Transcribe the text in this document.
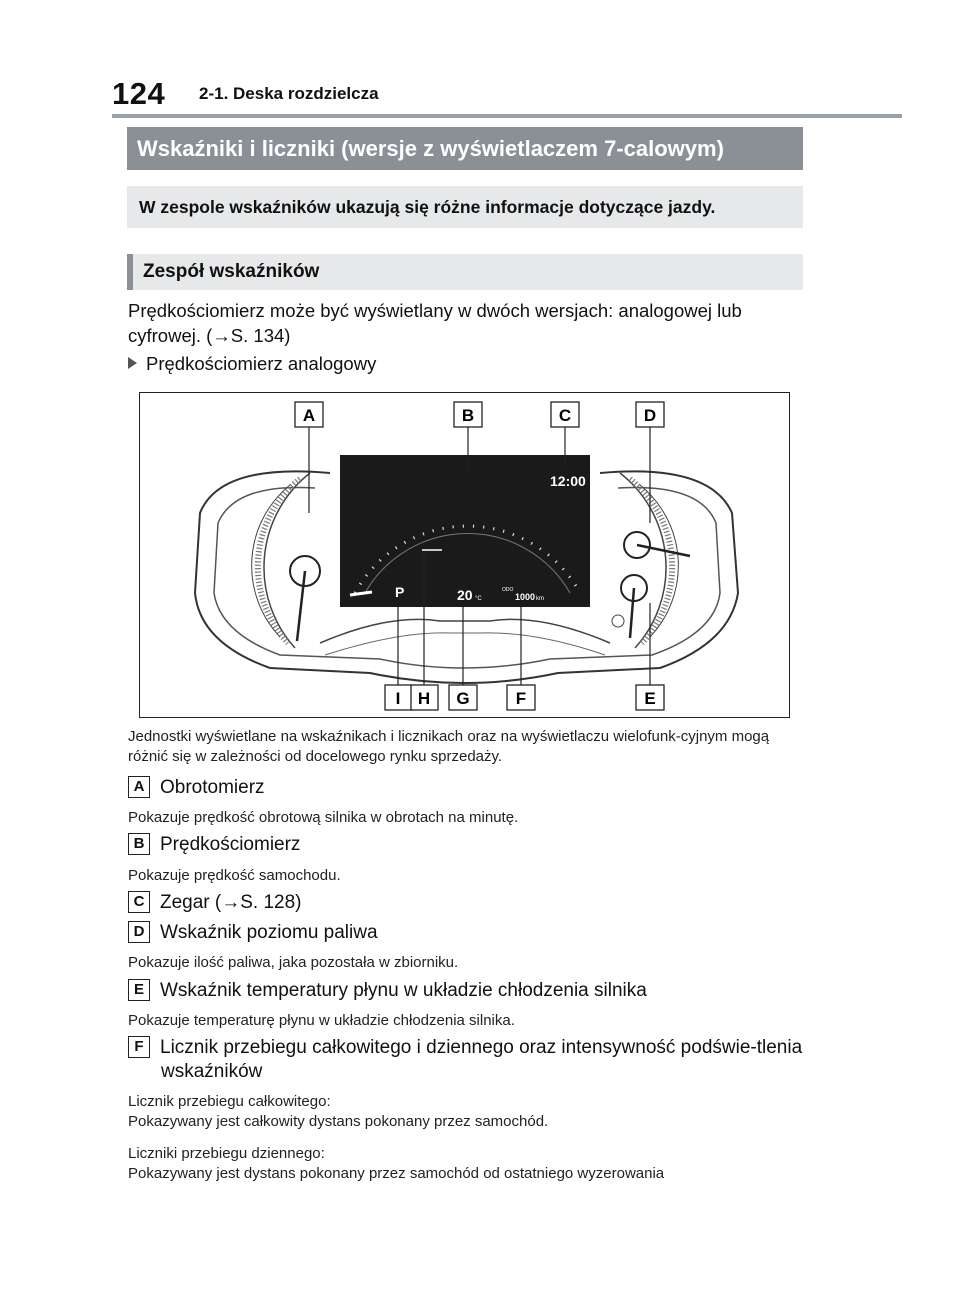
124 2-1. Deska rozdzielcza
Wskaźniki i liczniki (wersje z wyświetlaczem 7-calowym)
W zespole wskaźników ukazują się różne informacje dotyczące jazdy.
Zespół wskaźników
Prędkościomierz może być wyświetlany w dwóch wersjach: analogowej lub cyfrowej. (→S. 134)
Prędkościomierz analogowy
12:00
P	20 °C
ODO
1000 km
A	B	C	D
I H G	F	E
Jednostki wyświetlane na wskaźnikach i licznikach oraz na wyświetlaczu wielofunk-cyjnym mogą różnić się w zależności od docelowego rynku sprzedaży.
A Obrotomierz
Pokazuje prędkość obrotową silnika w obrotach na minutę.
B Prędkościomierz
Pokazuje prędkość samochodu.
C Zegar (→S. 128)
D Wskaźnik poziomu paliwa
Pokazuje ilość paliwa, jaka pozostała w zbiorniku.
E Wskaźnik temperatury płynu w układzie chłodzenia silnika
Pokazuje temperaturę płynu w układzie chłodzenia silnika.
F Licznik przebiegu całkowitego i dziennego oraz intensywność podświe-tlenia wskaźników
Licznik przebiegu całkowitego:
Pokazywany jest całkowity dystans pokonany przez samochód.
Liczniki przebiegu dziennego:
Pokazywany jest dystans pokonany przez samochód od ostatniego wyzerowania
